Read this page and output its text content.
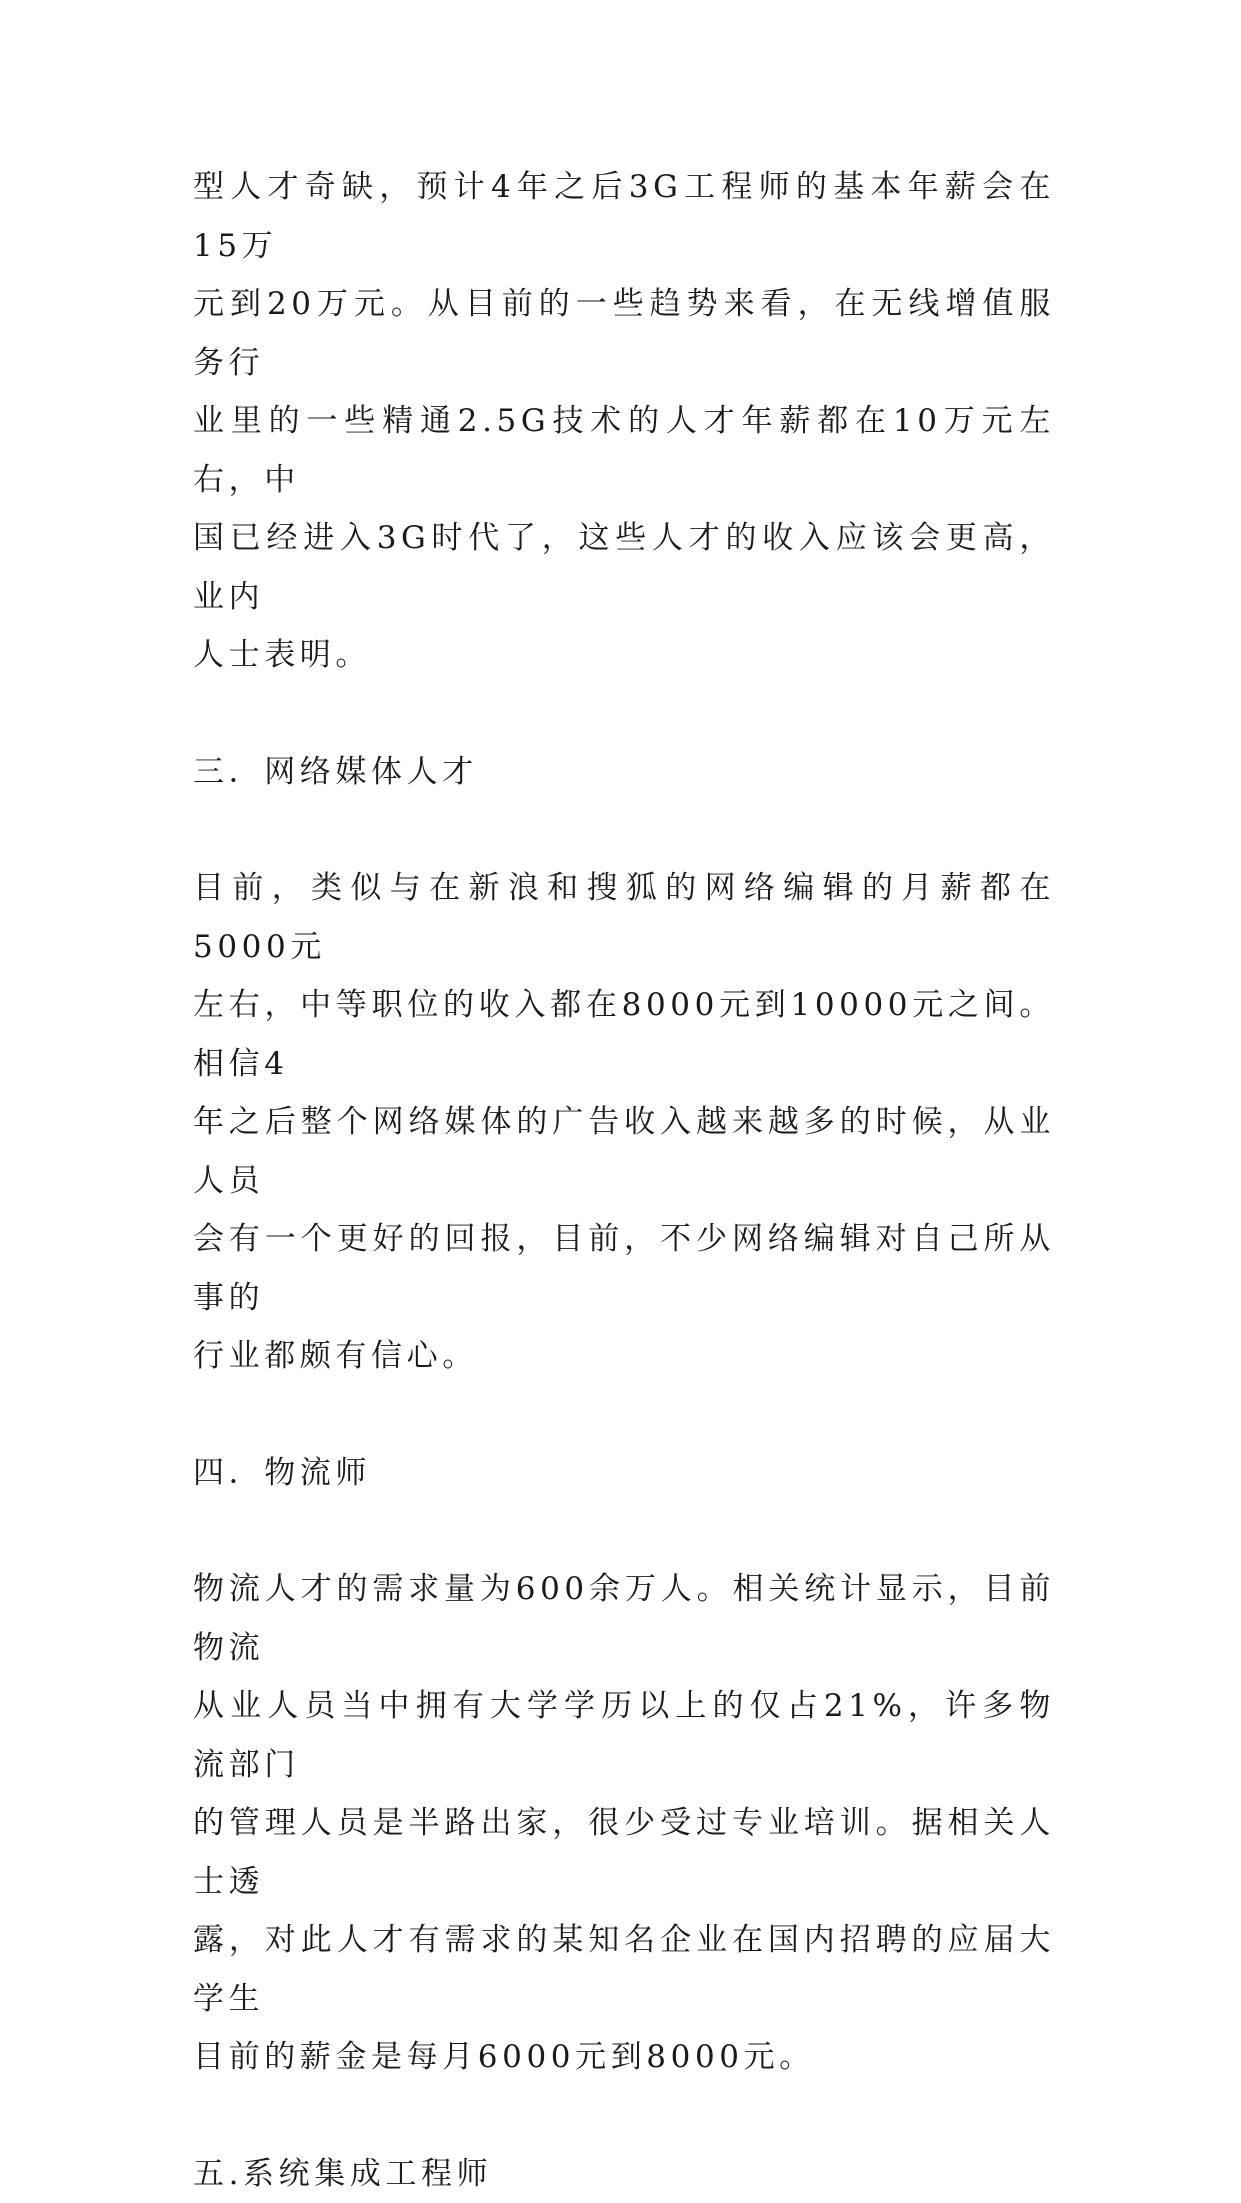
型人才奇缺，预计4年之后3G工程师的基本年薪会在15万
元到20万元。从目前的一些趋势来看，在无线增值服务行
业里的一些精通2.5G技术的人才年薪都在10万元左右，中
国已经进入3G时代了，这些人才的收入应该会更高，业内
人士表明。
三．网络媒体人才
目前，类似与在新浪和搜狐的网络编辑的月薪都在5000元
左右，中等职位的收入都在8000元到10000元之间。相信4
年之后整个网络媒体的广告收入越来越多的时候，从业人员
会有一个更好的回报，目前，不少网络编辑对自己所从事的
行业都颇有信心。
四．物流师
物流人才的需求量为600余万人。相关统计显示，目前物流
从业人员当中拥有大学学历以上的仅占21%，许多物流部门
的管理人员是半路出家，很少受过专业培训。据相关人士透
露，对此人才有需求的某知名企业在国内招聘的应届大学生
目前的薪金是每月6000元到8000元。
五.系统集成工程师
